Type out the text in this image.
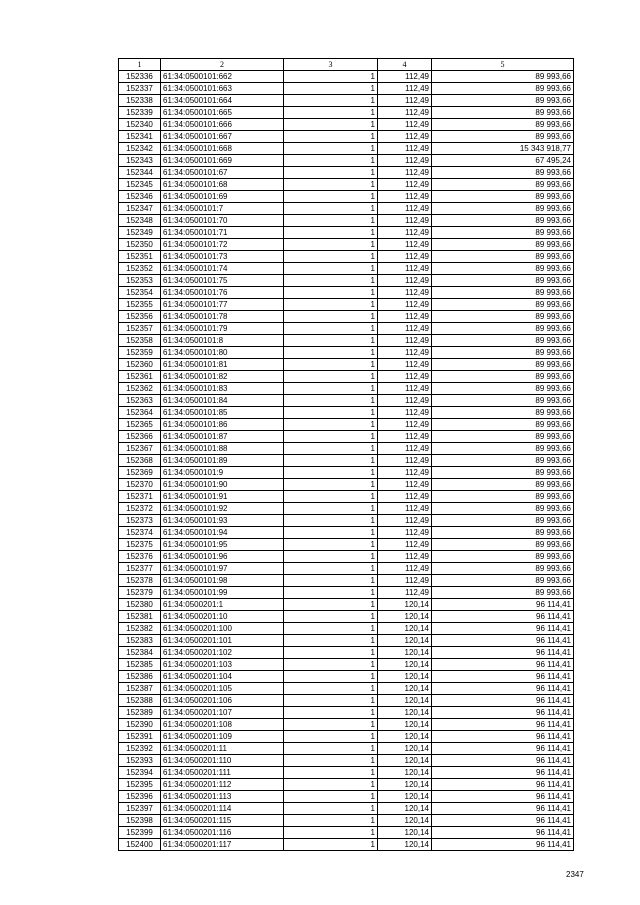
1	2	3	4	5
152336	61:34:0500101:662	1	112,49	89 993,66
152337	61:34:0500101:663	1	112,49	89 993,66
152338	61:34:0500101:664	1	112,49	89 993,66
152339	61:34:0500101:665	1	112,49	89 993,66
152340	61:34:0500101:666	1	112,49	89 993,66
152341	61:34:0500101:667	1	112,49	89 993,66
152342	61:34:0500101:668	1	112,49	15 343 918,77
152343	61:34:0500101:669	1	112,49	67 495,24
152344	61:34:0500101:67	1	112,49	89 993,66
152345	61:34:0500101:68	1	112,49	89 993,66
152346	61:34:0500101:69	1	112,49	89 993,66
152347	61:34:0500101:7	1	112,49	89 993,66
152348	61:34:0500101:70	1	112,49	89 993,66
152349	61:34:0500101:71	1	112,49	89 993,66
152350	61:34:0500101:72	1	112,49	89 993,66
152351	61:34:0500101:73	1	112,49	89 993,66
152352	61:34:0500101:74	1	112,49	89 993,66
152353	61:34:0500101:75	1	112,49	89 993,66
152354	61:34:0500101:76	1	112,49	89 993,66
152355	61:34:0500101:77	1	112,49	89 993,66
152356	61:34:0500101:78	1	112,49	89 993,66
152357	61:34:0500101:79	1	112,49	89 993,66
152358	61:34:0500101:8	1	112,49	89 993,66
152359	61:34:0500101:80	1	112,49	89 993,66
152360	61:34:0500101:81	1	112,49	89 993,66
152361	61:34:0500101:82	1	112,49	89 993,66
152362	61:34:0500101:83	1	112,49	89 993,66
152363	61:34:0500101:84	1	112,49	89 993,66
152364	61:34:0500101:85	1	112,49	89 993,66
152365	61:34:0500101:86	1	112,49	89 993,66
152366	61:34:0500101:87	1	112,49	89 993,66
152367	61:34:0500101:88	1	112,49	89 993,66
152368	61:34:0500101:89	1	112,49	89 993,66
152369	61:34:0500101:9	1	112,49	89 993,66
152370	61:34:0500101:90	1	112,49	89 993,66
152371	61:34:0500101:91	1	112,49	89 993,66
152372	61:34:0500101:92	1	112,49	89 993,66
152373	61:34:0500101:93	1	112,49	89 993,66
152374	61:34:0500101:94	1	112,49	89 993,66
152375	61:34:0500101:95	1	112,49	89 993,66
152376	61:34:0500101:96	1	112,49	89 993,66
152377	61:34:0500101:97	1	112,49	89 993,66
152378	61:34:0500101:98	1	112,49	89 993,66
152379	61:34:0500101:99	1	112,49	89 993,66
152380	61:34:0500201:1	1	120,14	96 114,41
152381	61:34:0500201:10	1	120,14	96 114,41
152382	61:34:0500201:100	1	120,14	96 114,41
152383	61:34:0500201:101	1	120,14	96 114,41
152384	61:34:0500201:102	1	120,14	96 114,41
152385	61:34:0500201:103	1	120,14	96 114,41
152386	61:34:0500201:104	1	120,14	96 114,41
152387	61:34:0500201:105	1	120,14	96 114,41
152388	61:34:0500201:106	1	120,14	96 114,41
152389	61:34:0500201:107	1	120,14	96 114,41
152390	61:34:0500201:108	1	120,14	96 114,41
152391	61:34:0500201:109	1	120,14	96 114,41
152392	61:34:0500201:11	1	120,14	96 114,41
152393	61:34:0500201:110	1	120,14	96 114,41
152394	61:34:0500201:111	1	120,14	96 114,41
152395	61:34:0500201:112	1	120,14	96 114,41
152396	61:34:0500201:113	1	120,14	96 114,41
152397	61:34:0500201:114	1	120,14	96 114,41
152398	61:34:0500201:115	1	120,14	96 114,41
152399	61:34:0500201:116	1	120,14	96 114,41
152400	61:34:0500201:117	1	120,14	96 114,41
2347
